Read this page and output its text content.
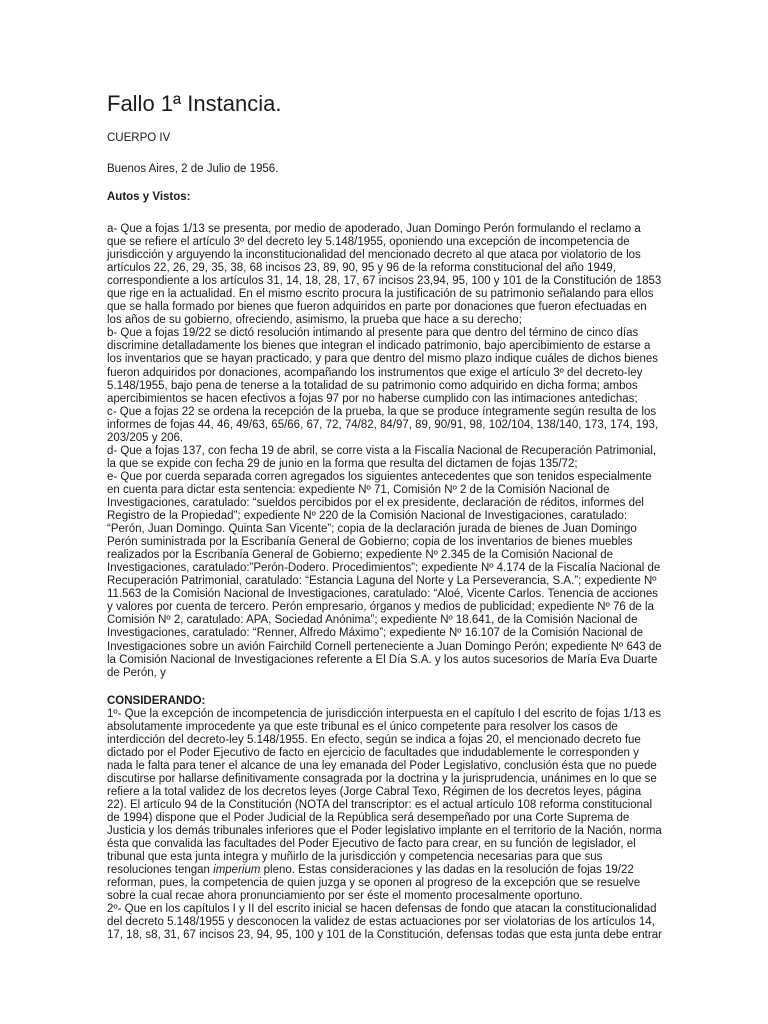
Fallo 1ª Instancia.
CUERPO IV
Buenos Aires, 2 de Julio de 1956.
Autos y Vistos:

a- Que a fojas 1/13 se presenta, por medio de apoderado, Juan Domingo Perón formulando el reclamo a que se refiere el artículo 3º del decreto ley 5.148/1955, oponiendo una excepción de incompetencia de jurisdicción y arguyendo la inconstitucionalidad del mencionado decreto al que ataca por violatorio de los artículos 22, 26, 29, 35, 38, 68 incisos 23, 89, 90, 95 y 96 de la reforma constitucional del año 1949, correspondiente a los artículos 31, 14, 18, 28, 17, 67 incisos 23,94, 95, 100 y 101 de la Constitución de 1853 que rige en la actualidad. En el mismo escrito procura la justificación de su patrimonio señalando para ellos que se halla formado por bienes que fueron adquiridos en parte por donaciones que fueron efectuadas en los años de su gobierno, ofreciendo, asimismo, la prueba que hace a su derecho;

b- Que a fojas 19/22 se dictó resolución intimando al presente para que dentro del término de cinco días discrimine detalladamente los bienes que integran el indicado patrimonio, bajo apercibimiento de estarse a los inventarios que se hayan practicado, y para que dentro del mismo plazo indique cuáles de dichos bienes fueron adquiridos por donaciones, acompañando los instrumentos que exige el artículo 3º del decreto-ley 5.148/1955, bajo pena de tenerse a la totalidad de su patrimonio como adquirido en dicha forma; ambos apercibimientos se hacen efectivos a fojas 97 por no haberse cumplido con las intimaciones antedichas;

c- Que a fojas 22 se ordena la recepción de la prueba, la que se produce íntegramente según resulta de los informes de fojas 44, 46, 49/63, 65/66, 67, 72, 74/82, 84/97, 89, 90/91, 98, 102/104, 138/140, 173, 174, 193, 203/205 y 206.

d- Que a fojas 137, con fecha 19 de abril, se corre vista a la Fiscalía Nacional de Recuperación Patrimonial, la que se expide con fecha 29 de junio en la forma que resulta del dictamen de fojas 135/72;

e- Que por cuerda separada corren agregados los siguientes antecedentes que son tenidos especialmente en cuenta para dictar esta sentencia: expediente Nº 71, Comisión Nº 2 de la Comisión Nacional de Investigaciones, caratulado: “sueldos percibidos por el ex presidente, declaración de réditos, informes del Registro de la Propiedad”; expediente Nº 220 de la Comisión Nacional de Investigaciones, caratulado: “Perón, Juan Domingo. Quinta San Vicente”; copia de la declaración jurada de bienes de Juan Domingo Perón suministrada por la Escribanía General de Gobierno; copia de los inventarios de bienes muebles realizados por la Escribanía General de Gobierno; expediente Nº 2.345 de la Comisión Nacional de Investigaciones, caratulado:”Perón-Dodero. Procedimientos”; expediente Nº 4.174 de la Fiscalía Nacional de Recuperación Patrimonial, caratulado: “Estancia Laguna del Norte y La Perseverancia, S.A.”; expediente Nº 11.563 de la Comisión Nacional de Investigaciones, caratulado: “Aloé, Vicente Carlos. Tenencia de acciones y valores por cuenta de tercero. Perón empresario, órganos y medios de publicidad; expediente Nº 76 de la Comisión Nº 2, caratulado: APA, Sociedad Anónima”; expediente Nº 18.641, de la Comisión Nacional de Investigaciones, caratulado: “Renner, Alfredo Máximo”; expediente Nº 16.107 de la Comisión Nacional de Investigaciones sobre un avión Fairchild Cornell perteneciente a Juan Domingo Perón; expediente Nº 643 de la Comisión Nacional de Investigaciones referente a El Día S.A. y los autos sucesorios de María Eva Duarte de Perón, y

CONSIDERANDO:

1º- Que la excepción de incompetencia de jurisdicción interpuesta en el capítulo I del escrito de fojas 1/13 es absolutamente improcedente ya que este tribunal es el único competente para resolver los casos de interdicción del decreto-ley 5.148/1955. En efecto, según se indica a fojas 20, el mencionado decreto fue dictado por el Poder Ejecutivo de facto en ejercicio de facultades que indudablemente le corresponden y nada le falta para tener el alcance de una ley emanada del Poder Legislativo, conclusión ésta que no puede discutirse por hallarse definitivamente consagrada por la doctrina y la jurisprudencia, unánimes en lo que se refiere a la total validez de los decretos leyes (Jorge Cabral Texo, Régimen de los decretos leyes, página 22). El artículo 94 de la Constitución (NOTA del transcriptor: es el actual artículo 108 reforma constitucional de 1994) dispone que el Poder Judicial de la República será desempeñado por una Corte Suprema de Justicia y los demás tribunales inferiores que el Poder legislativo implante en el territorio de la Nación, norma ésta que convalida las facultades del Poder Ejecutivo de facto para crear, en su función de legislador, el tribunal que esta junta integra y muñirlo de la jurisdicción y competencia necesarias para que sus resoluciones tengan imperium pleno. Estas consideraciones y las dadas en la resolución de fojas 19/22 reforman, pues, la competencia de quien juzga y se oponen al progreso de la excepción que se resuelve sobre la cual recae ahora pronunciamiento por ser éste el momento procesalmente oportuno.

2º- Que en los capítulos I y II del escrito inicial se hacen defensas de fondo que atacan la constitucionalidad del decreto 5.148/1955 y desconocen la validez de estas actuaciones por ser violatorias de los artículos 14, 17, 18, s8, 31, 67 incisos 23, 94, 95, 100 y 101 de la Constitución, defensas todas que esta junta debe entrar
